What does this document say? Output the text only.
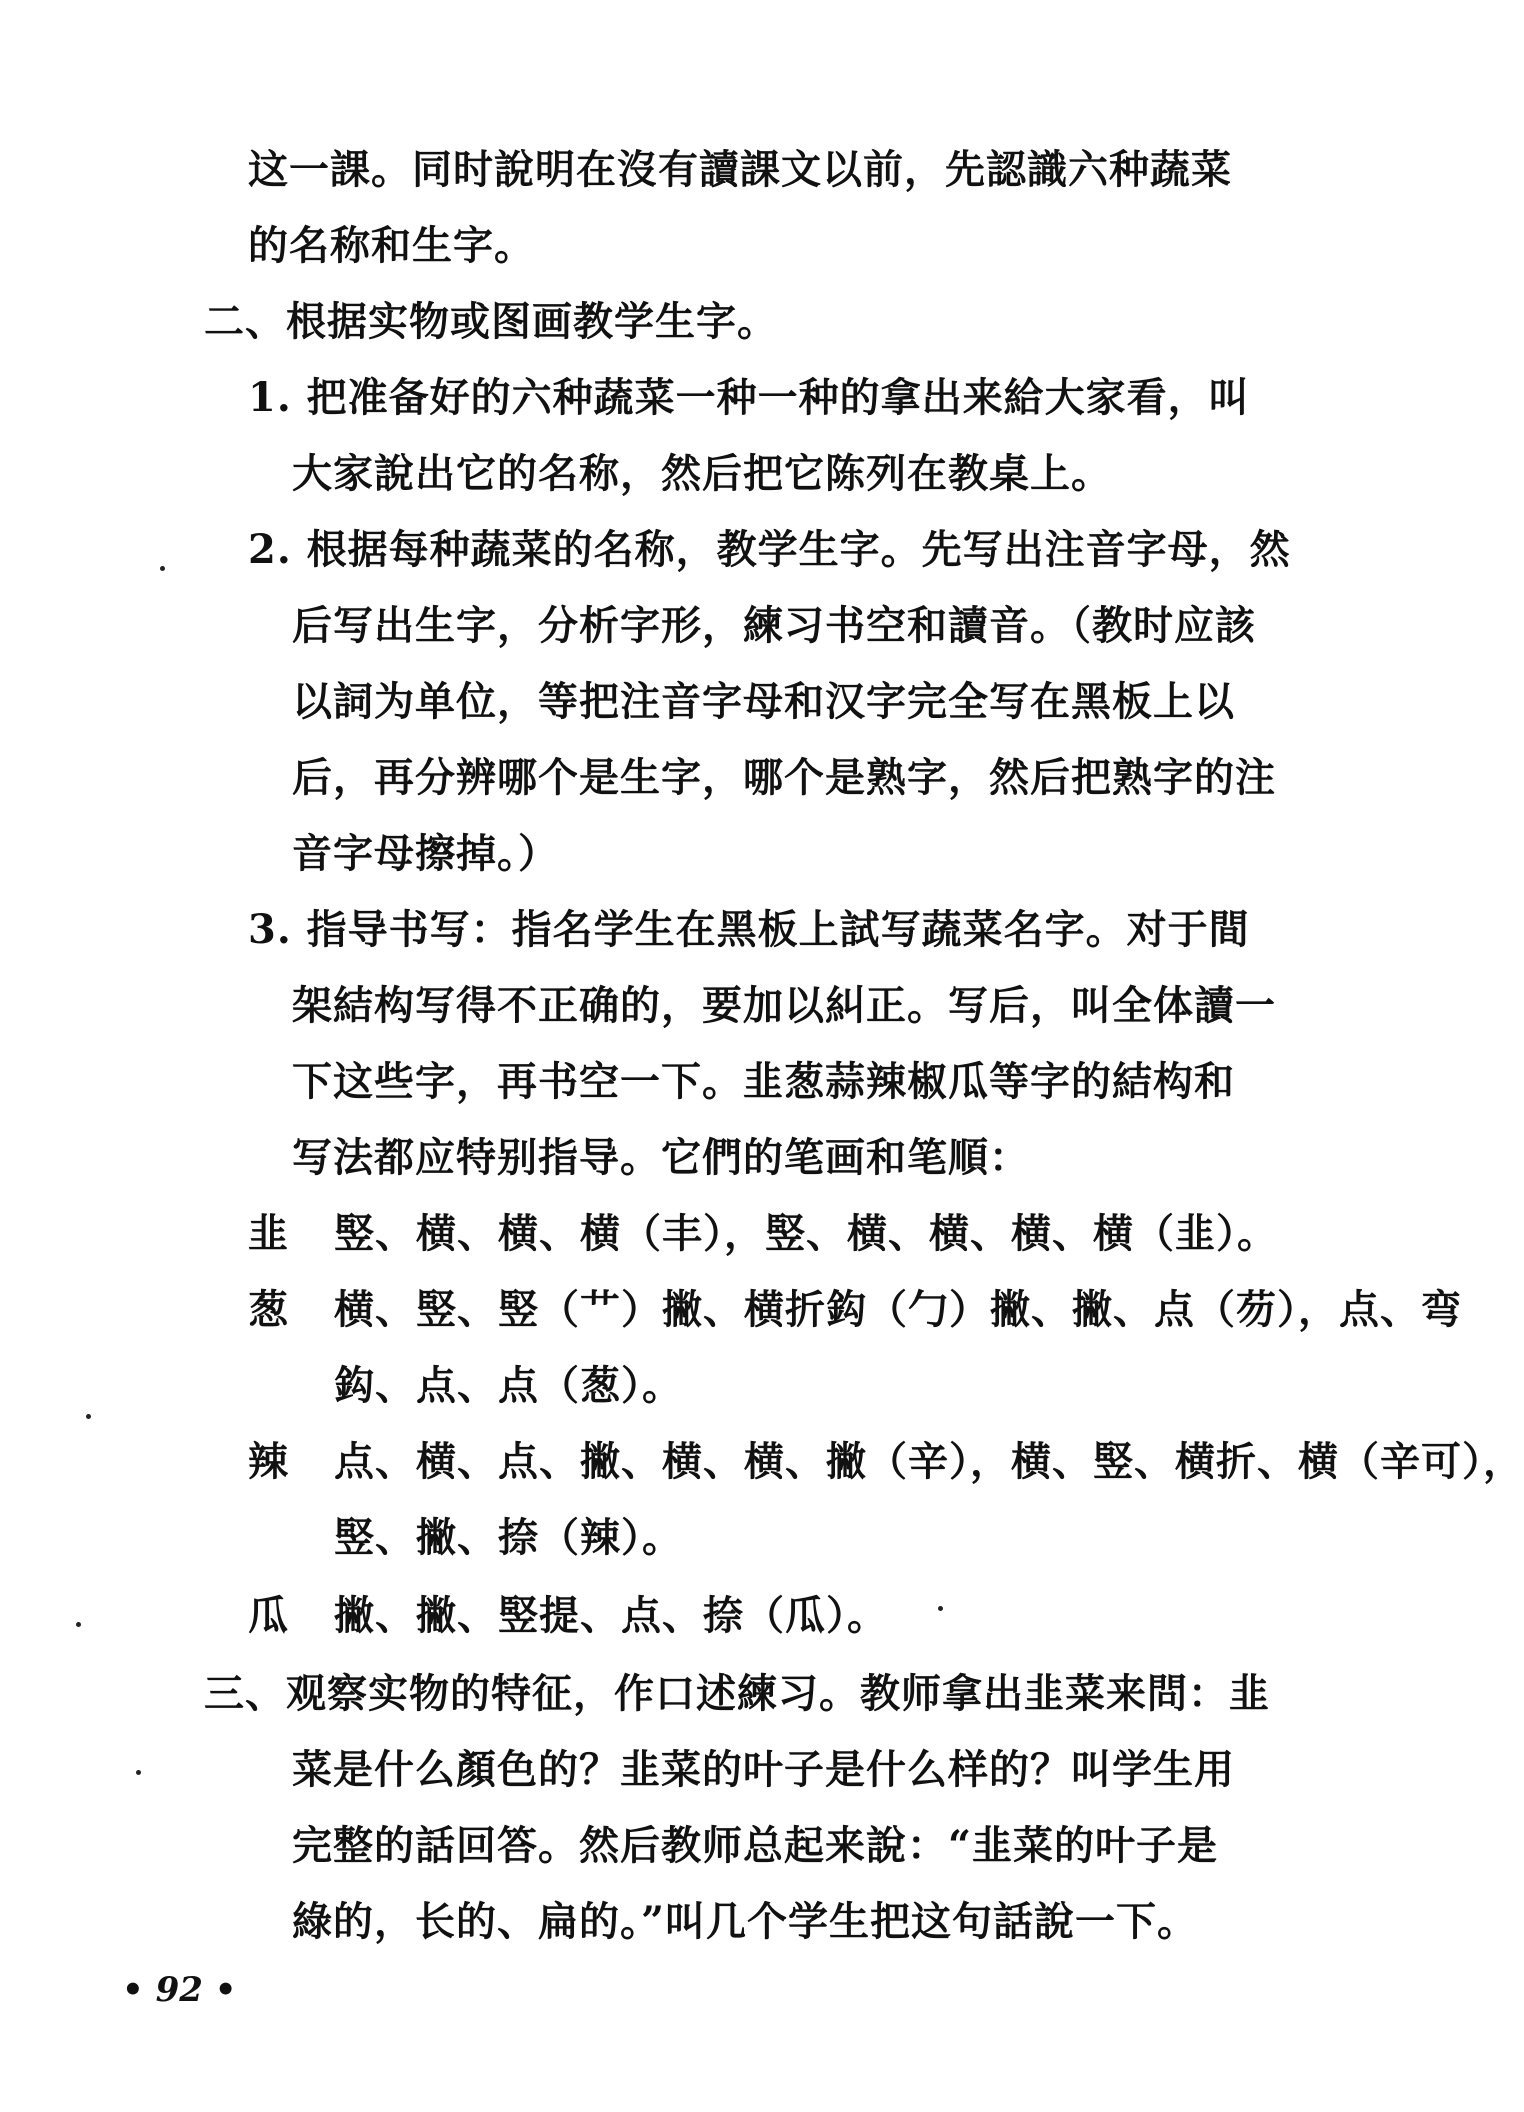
这一課。同时說明在沒有讀課文以前，先認識六种蔬菜
的名称和生字。
二、根据实物或图画教学生字。
1. 把准备好的六种蔬菜一种一种的拿出来給大家看，叫
大家說出它的名称，然后把它陈列在教桌上。
2. 根据每种蔬菜的名称，教学生字。先写出注音字母，然
后写出生字，分析字形，練习书空和讀音。（教时应該
以詞为单位，等把注音字母和汉字完全写在黑板上以
后，再分辨哪个是生字，哪个是熟字，然后把熟字的注
音字母擦掉。）
3. 指导书写：指名学生在黑板上試写蔬菜名字。对于間
架結构写得不正确的，要加以糾正。写后，叫全体讀一
下这些字，再书空一下。韭葱蒜辣椒瓜等字的結构和
写法都应特别指导。它們的笔画和笔順：
韭 竪、横、横、横（丰），竪、横、横、横、横（韭）。
葱 横、竪、竪（艹）撇、横折鈎（勹）撇、撇、点（芴），点、弯
鈎、点、点（葱）。
辣 点、横、点、撇、横、横、撇（辛），横、竪、横折、横（辛可），
竪、撇、捺（辣）。
瓜 撇、撇、竪提、点、捺（瓜）。
三、观察实物的特征，作口述練习。教师拿出韭菜来問：韭
菜是什么顏色的？韭菜的叶子是什么样的？叫学生用
完整的話回答。然后教师总起来說：“韭菜的叶子是
綠的，长的、扁的。”叫几个学生把这句話說一下。
• 92 •
